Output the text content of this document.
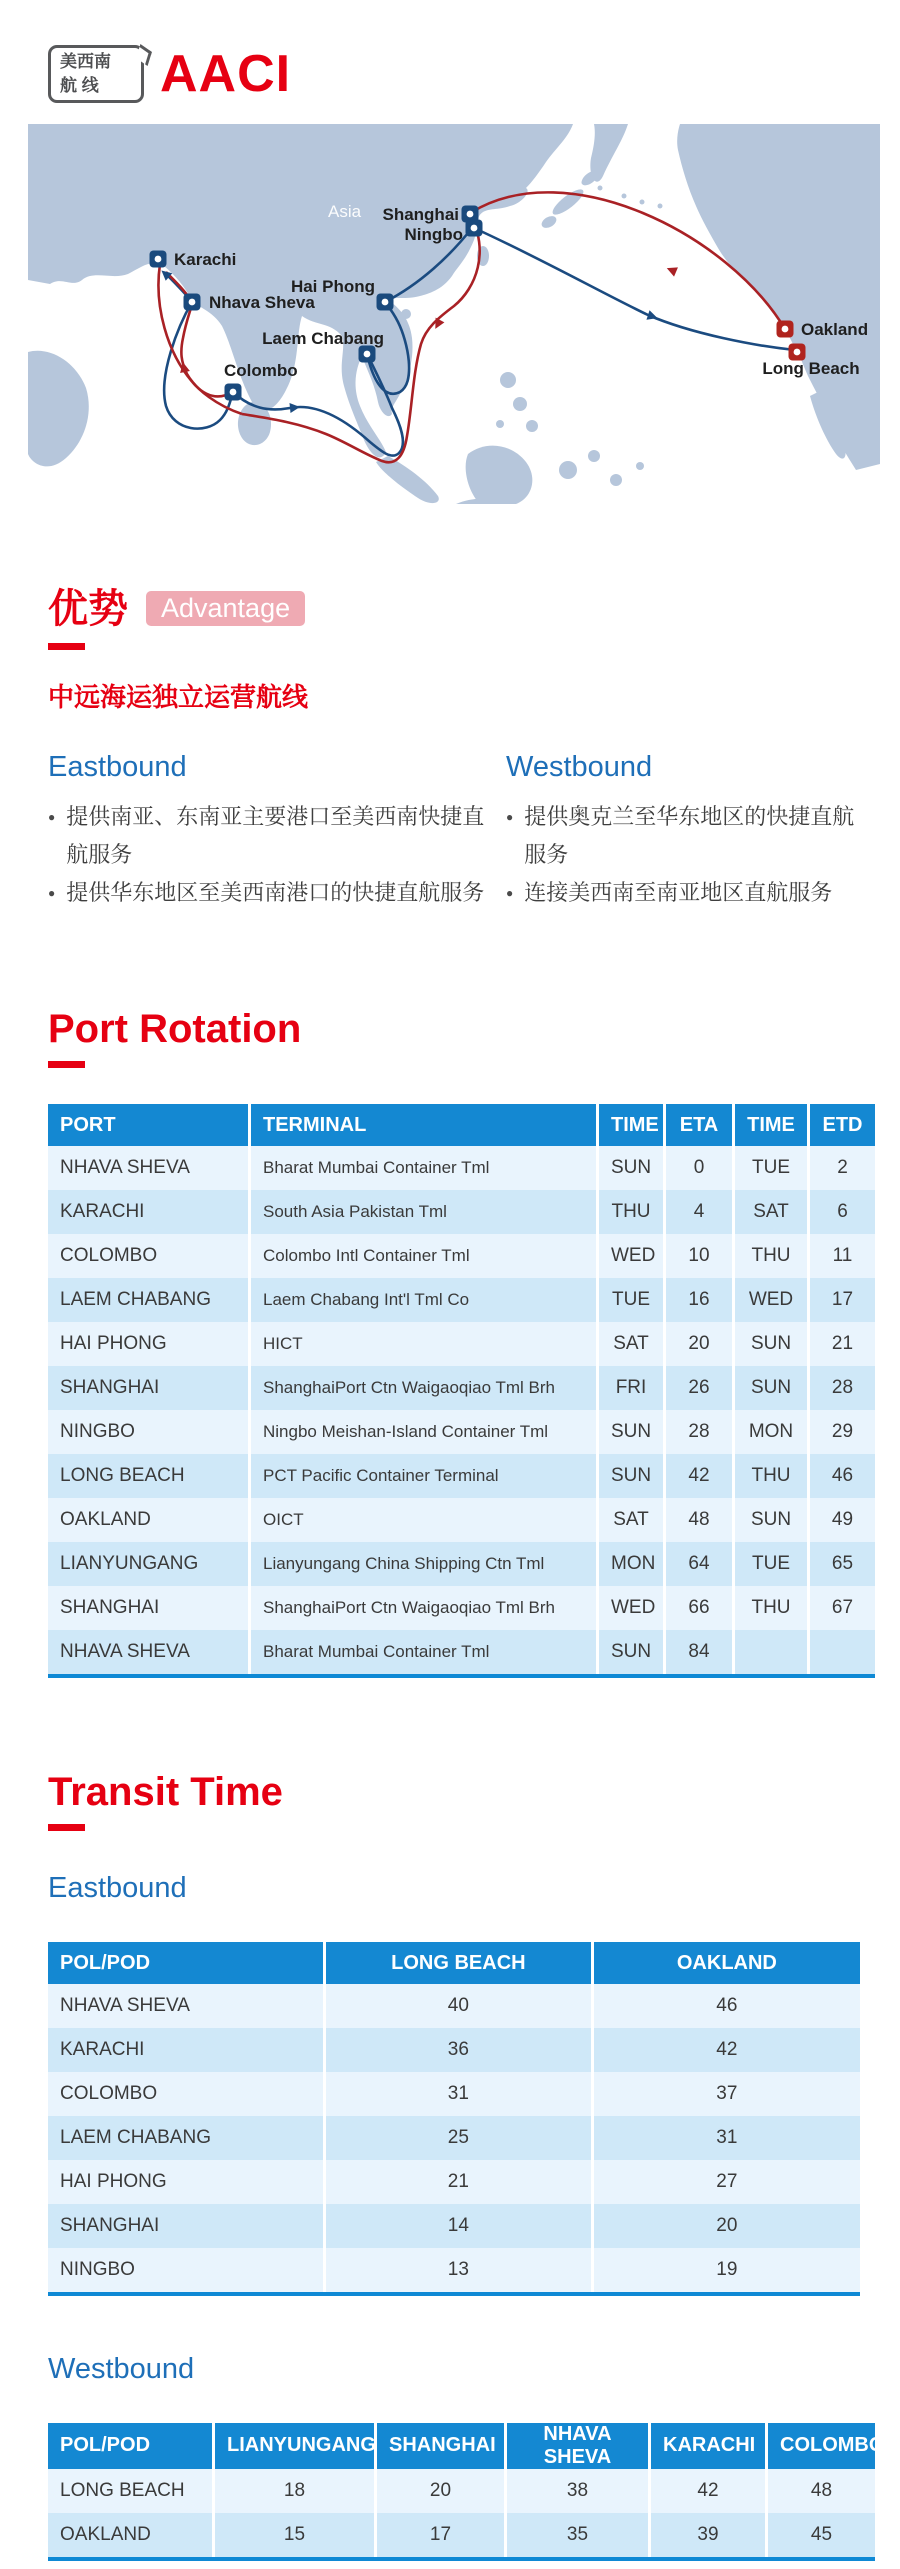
美西南
航 线	AACI
Asia
Karachi
Nhava Sheva
Colombo
Hai Phong
Laem Chabang
Shanghai
Ningbo
Oakland
Long Beach
优势	Advantage
中远海运独立运营航线
Eastbound
● 提供南亚、东南亚主要港口至美西南快捷直航服务
● 提供华东地区至美西南港口的快捷直航服务
Westbound
● 提供奥克兰至华东地区的快捷直航服务
● 连接美西南至南亚地区直航服务
Port Rotation
PORT	TERMINAL	TIME	ETA	TIME	ETD
NHAVA SHEVA	Bharat Mumbai Container Tml	SUN	0	TUE	2
KARACHI	South Asia Pakistan Tml	THU	4	SAT	6
COLOMBO	Colombo Intl Container Tml	WED	10	THU	11
LAEM CHABANG	Laem Chabang Int'l Tml Co	TUE	16	WED	17
HAI PHONG	HICT	SAT	20	SUN	21
SHANGHAI	ShanghaiPort Ctn Waigaoqiao Tml Brh	FRI	26	SUN	28
NINGBO	Ningbo Meishan-Island Container Tml	SUN	28	MON	29
LONG BEACH	PCT Pacific Container Terminal	SUN	42	THU	46
OAKLAND	OICT	SAT	48	SUN	49
LIANYUNGANG	Lianyungang China Shipping Ctn Tml	MON	64	TUE	65
SHANGHAI	ShanghaiPort Ctn Waigaoqiao Tml Brh	WED	66	THU	67
NHAVA SHEVA	Bharat Mumbai Container Tml	SUN	84		
Transit Time
Eastbound
POL/POD	LONG BEACH	OAKLAND
NHAVA SHEVA	40	46
KARACHI	36	42
COLOMBO	31	37
LAEM CHABANG	25	31
HAI PHONG	21	27
SHANGHAI	14	20
NINGBO	13	19
Westbound
POL/POD	LIANYUNGANG	SHANGHAI	NHAVA SHEVA	KARACHI	COLOMBO
LONG BEACH	18	20	38	42	48
OAKLAND	15	17	35	39	45
